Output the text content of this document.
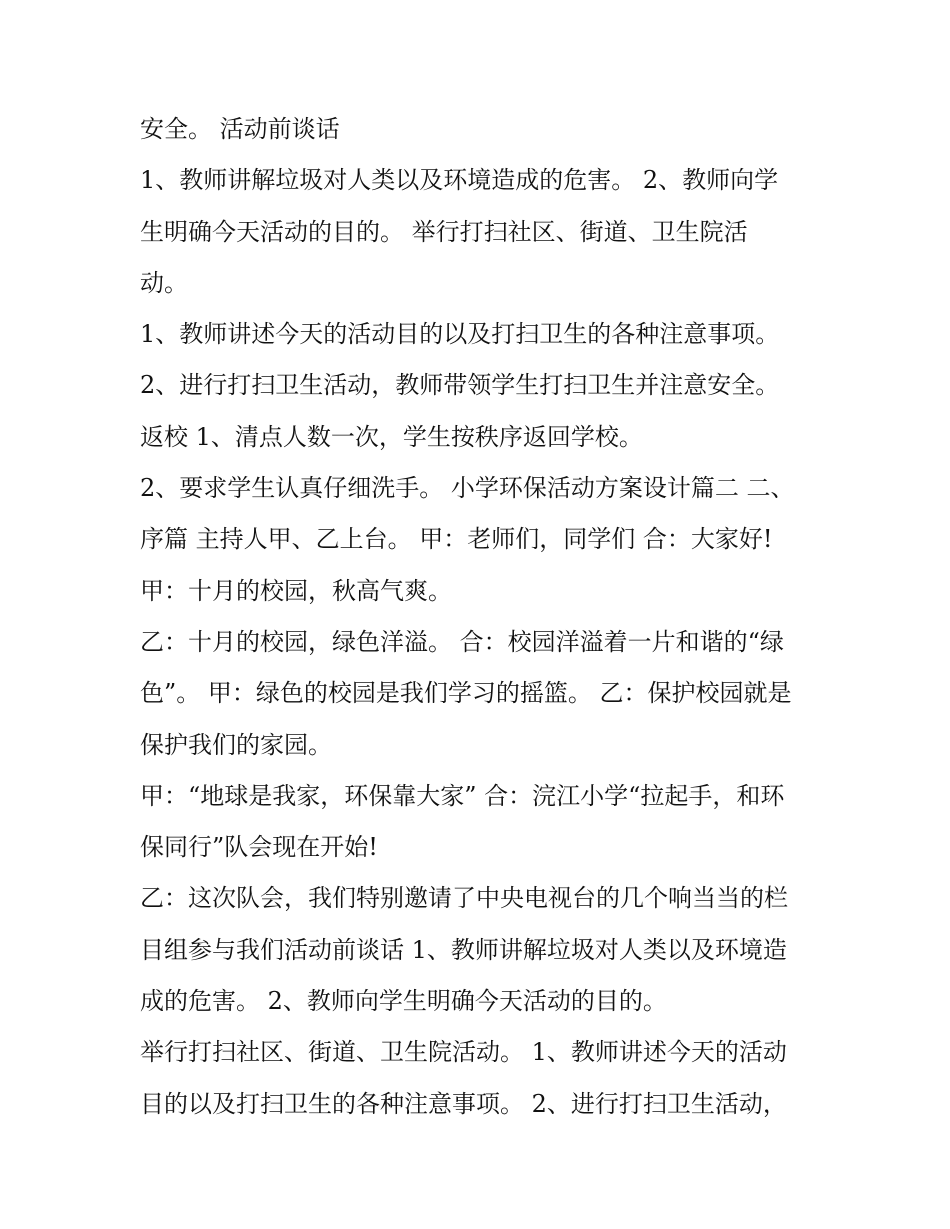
安全。 活动前谈话

1、教师讲解垃圾对人类以及环境造成的危害。 2、教师向学

生明确今天活动的目的。 举行打扫社区、街道、卫生院活

动。

1、教师讲述今天的活动目的以及打扫卫生的各种注意事项。

2、进行打扫卫生活动，教师带领学生打扫卫生并注意安全。

返校 1、清点人数一次，学生按秩序返回学校。

2、要求学生认真仔细洗手。 小学环保活动方案设计篇二 二、

序篇 主持人甲、乙上台。 甲：老师们，同学们 合：大家好!

甲：十月的校园，秋高气爽。

乙：十月的校园，绿色洋溢。 合：校园洋溢着一片和谐的“绿

色”。 甲：绿色的校园是我们学习的摇篮。 乙：保护校园就是

保护我们的家园。

甲：“地球是我家，环保靠大家” 合：浣江小学“拉起手，和环

保同行”队会现在开始!

乙：这次队会，我们特别邀请了中央电视台的几个响当当的栏

目组参与我们活动前谈话 1、教师讲解垃圾对人类以及环境造

成的危害。 2、教师向学生明确今天活动的目的。

举行打扫社区、街道、卫生院活动。 1、教师讲述今天的活动

目的以及打扫卫生的各种注意事项。 2、进行打扫卫生活动，
